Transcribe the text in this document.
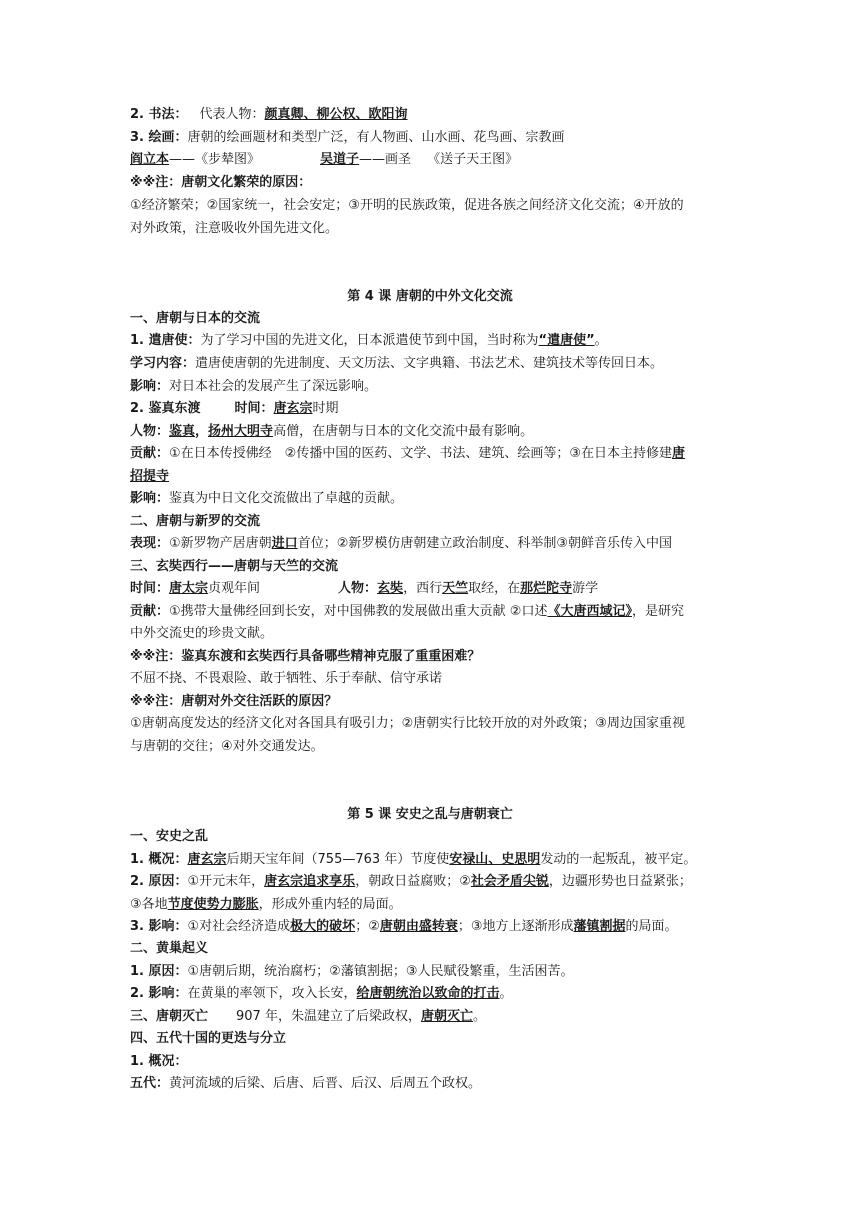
2. 书法： 代表人物：颜真卿、柳公权、欧阳询
3. 绘画：唐朝的绘画题材和类型广泛，有人物画、山水画、花鸟画、宗教画
阎立本——《步辇图》	吴道子——画圣 《送子天王图》
※※注：唐朝文化繁荣的原因：
①经济繁荣；②国家统一，社会安定；③开明的民族政策，促进各族之间经济文化交流；④开放的
对外政策，注意吸收外国先进文化。
第 4 课 唐朝的中外文化交流
一、唐朝与日本的交流
1. 遣唐使：为了学习中国的先进文化，日本派遣使节到中国，当时称为“遣唐使”。
学习内容：遣唐使唐朝的先进制度、天文历法、文字典籍、书法艺术、建筑技术等传回日本。
影响：对日本社会的发展产生了深远影响。
2. 鉴真东渡	时间：唐玄宗时期
人物：鉴真，扬州大明寺高僧，在唐朝与日本的文化交流中最有影响。
贡献：①在日本传授佛经　②传播中国的医药、文学、书法、建筑、绘画等；③在日本主持修建唐
招提寺
影响：鉴真为中日文化交流做出了卓越的贡献。
二、唐朝与新罗的交流
表现：①新罗物产居唐朝进口首位；②新罗模仿唐朝建立政治制度、科举制③朝鲜音乐传入中国
三、玄奘西行——唐朝与天竺的交流
时间：唐太宗贞观年间	人物：玄奘，西行天竺取经，在那烂陀寺游学
贡献：①携带大量佛经回到长安，对中国佛教的发展做出重大贡献 ②口述《大唐西域记》，是研究
中外交流史的珍贵文献。
※※注：鉴真东渡和玄奘西行具备哪些精神克服了重重困难？
不屈不挠、不畏艰险、敢于牺牲、乐于奉献、信守承诺
※※注：唐朝对外交往活跃的原因？
①唐朝高度发达的经济文化对各国具有吸引力；②唐朝实行比较开放的对外政策；③周边国家重视
与唐朝的交往；④对外交通发达。
第 5 课 安史之乱与唐朝衰亡
一、安史之乱
1. 概况：唐玄宗后期天宝年间（755—763 年）节度使安禄山、史思明发动的一起叛乱，被平定。
2. 原因：①开元末年，唐玄宗追求享乐，朝政日益腐败；②社会矛盾尖锐，边疆形势也日益紧张；
③各地节度使势力膨胀，形成外重内轻的局面。
3. 影响：①对社会经济造成极大的破坏；②唐朝由盛转衰；③地方上逐渐形成藩镇割据的局面。
二、黄巢起义
1. 原因：①唐朝后期，统治腐朽；②藩镇割据；③人民赋役繁重，生活困苦。
2. 影响：在黄巢的率领下，攻入长安，给唐朝统治以致命的打击。
三、唐朝灭亡 907 年，朱温建立了后梁政权，唐朝灭亡。
四、五代十国的更迭与分立
1. 概况：
五代：黄河流域的后梁、后唐、后晋、后汉、后周五个政权。
